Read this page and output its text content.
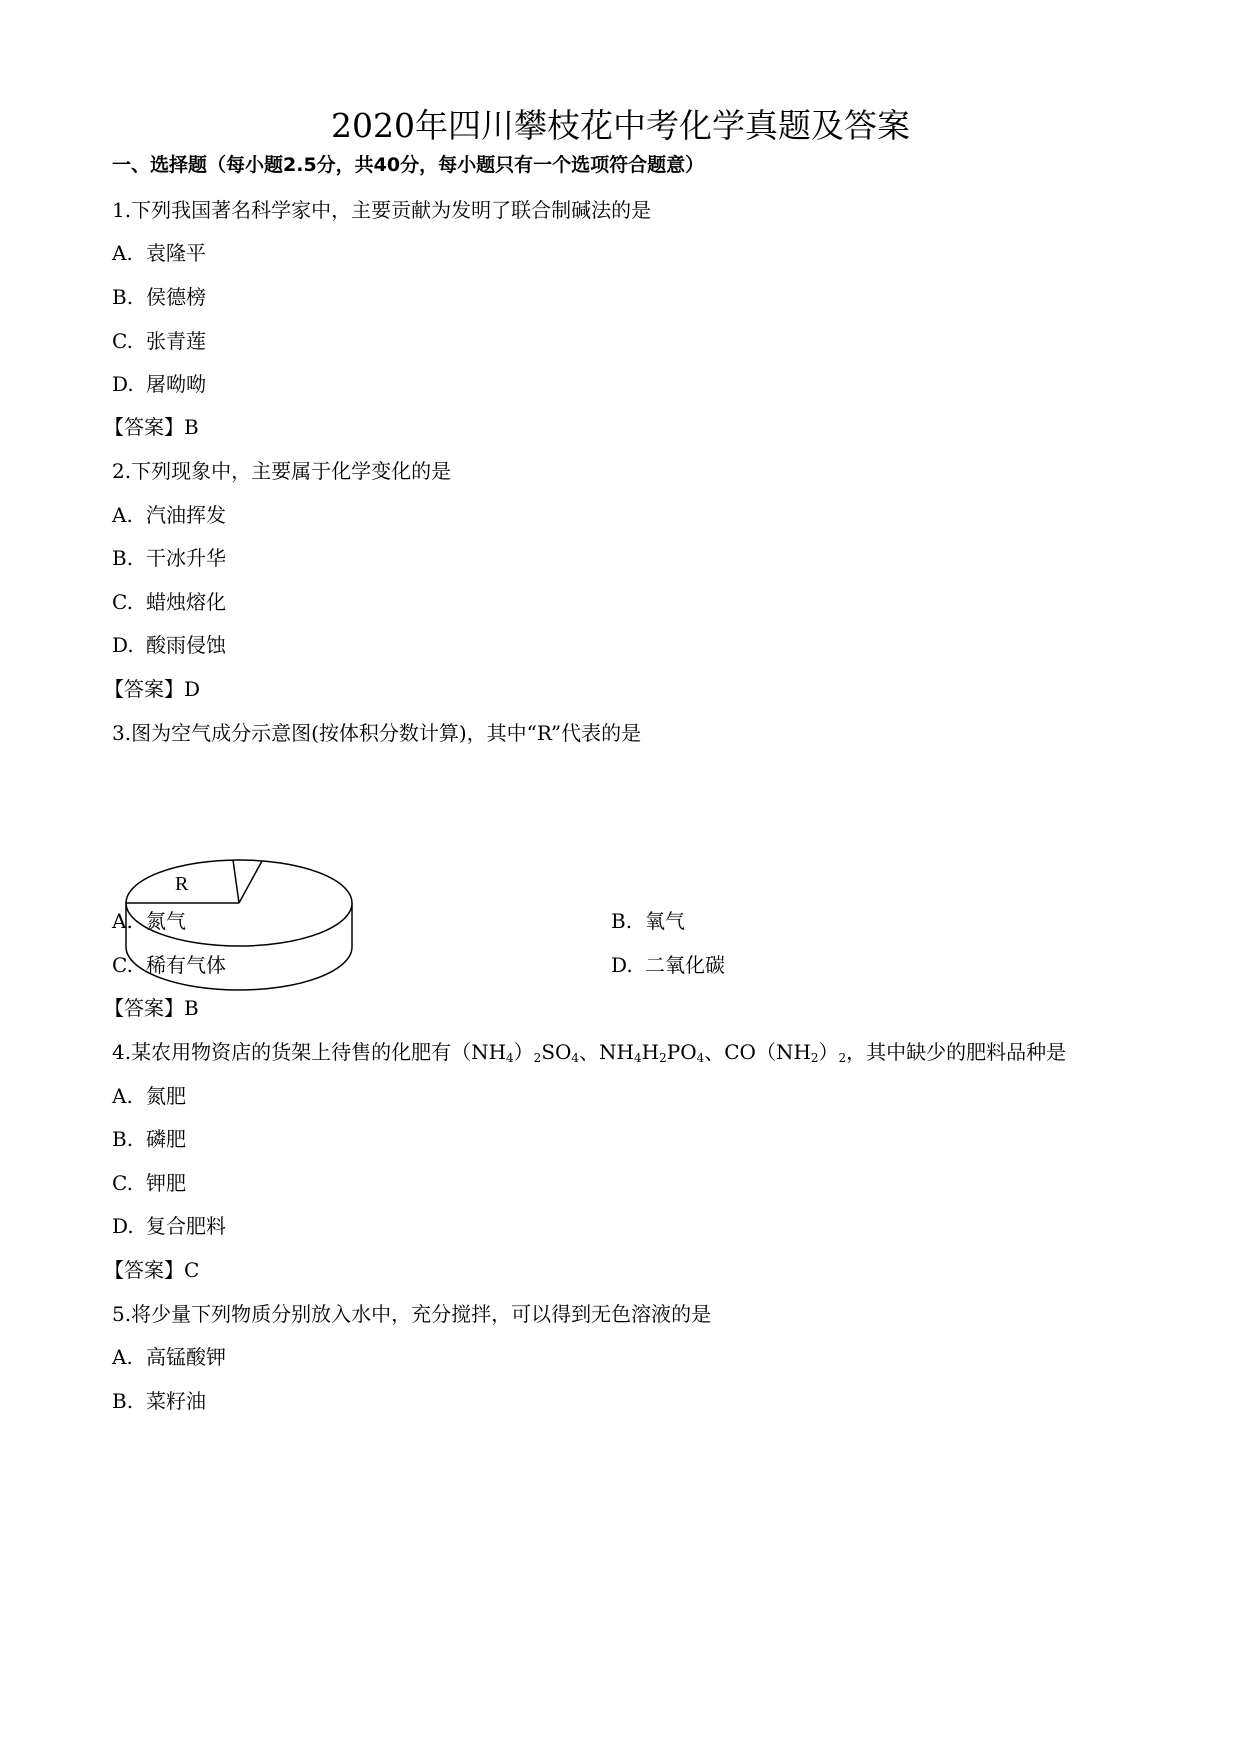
2020年四川攀枝花中考化学真题及答案
一、选择题（每小题2.5分，共40分，每小题只有一个选项符合题意）
1.下列我国著名科学家中，主要贡献为发明了联合制碱法的是
A. 袁隆平
B. 侯德榜
C. 张青莲
D. 屠呦呦
【答案】B
2.下列现象中，主要属于化学变化的是
A. 汽油挥发
B. 干冰升华
C. 蜡烛熔化
D. 酸雨侵蚀
【答案】D
3.图为空气成分示意图(按体积分数计算)，其中“R”代表的是
R
A. 氮气	B. 氧气
C. 稀有气体	D. 二氧化碳
【答案】B
4.某农用物资店的货架上待售的化肥有$(NH_4)_2SO_4$、$NH_4H_2PO_4$、$CO(NH_2)_2$，其中缺少的肥料品种是
A. 氮肥
B. 磷肥
C. 钾肥
D. 复合肥料
【答案】C
5.将少量下列物质分别放入水中，充分搅拌，可以得到无色溶液的是
A. 高锰酸钾
B. 菜籽油
